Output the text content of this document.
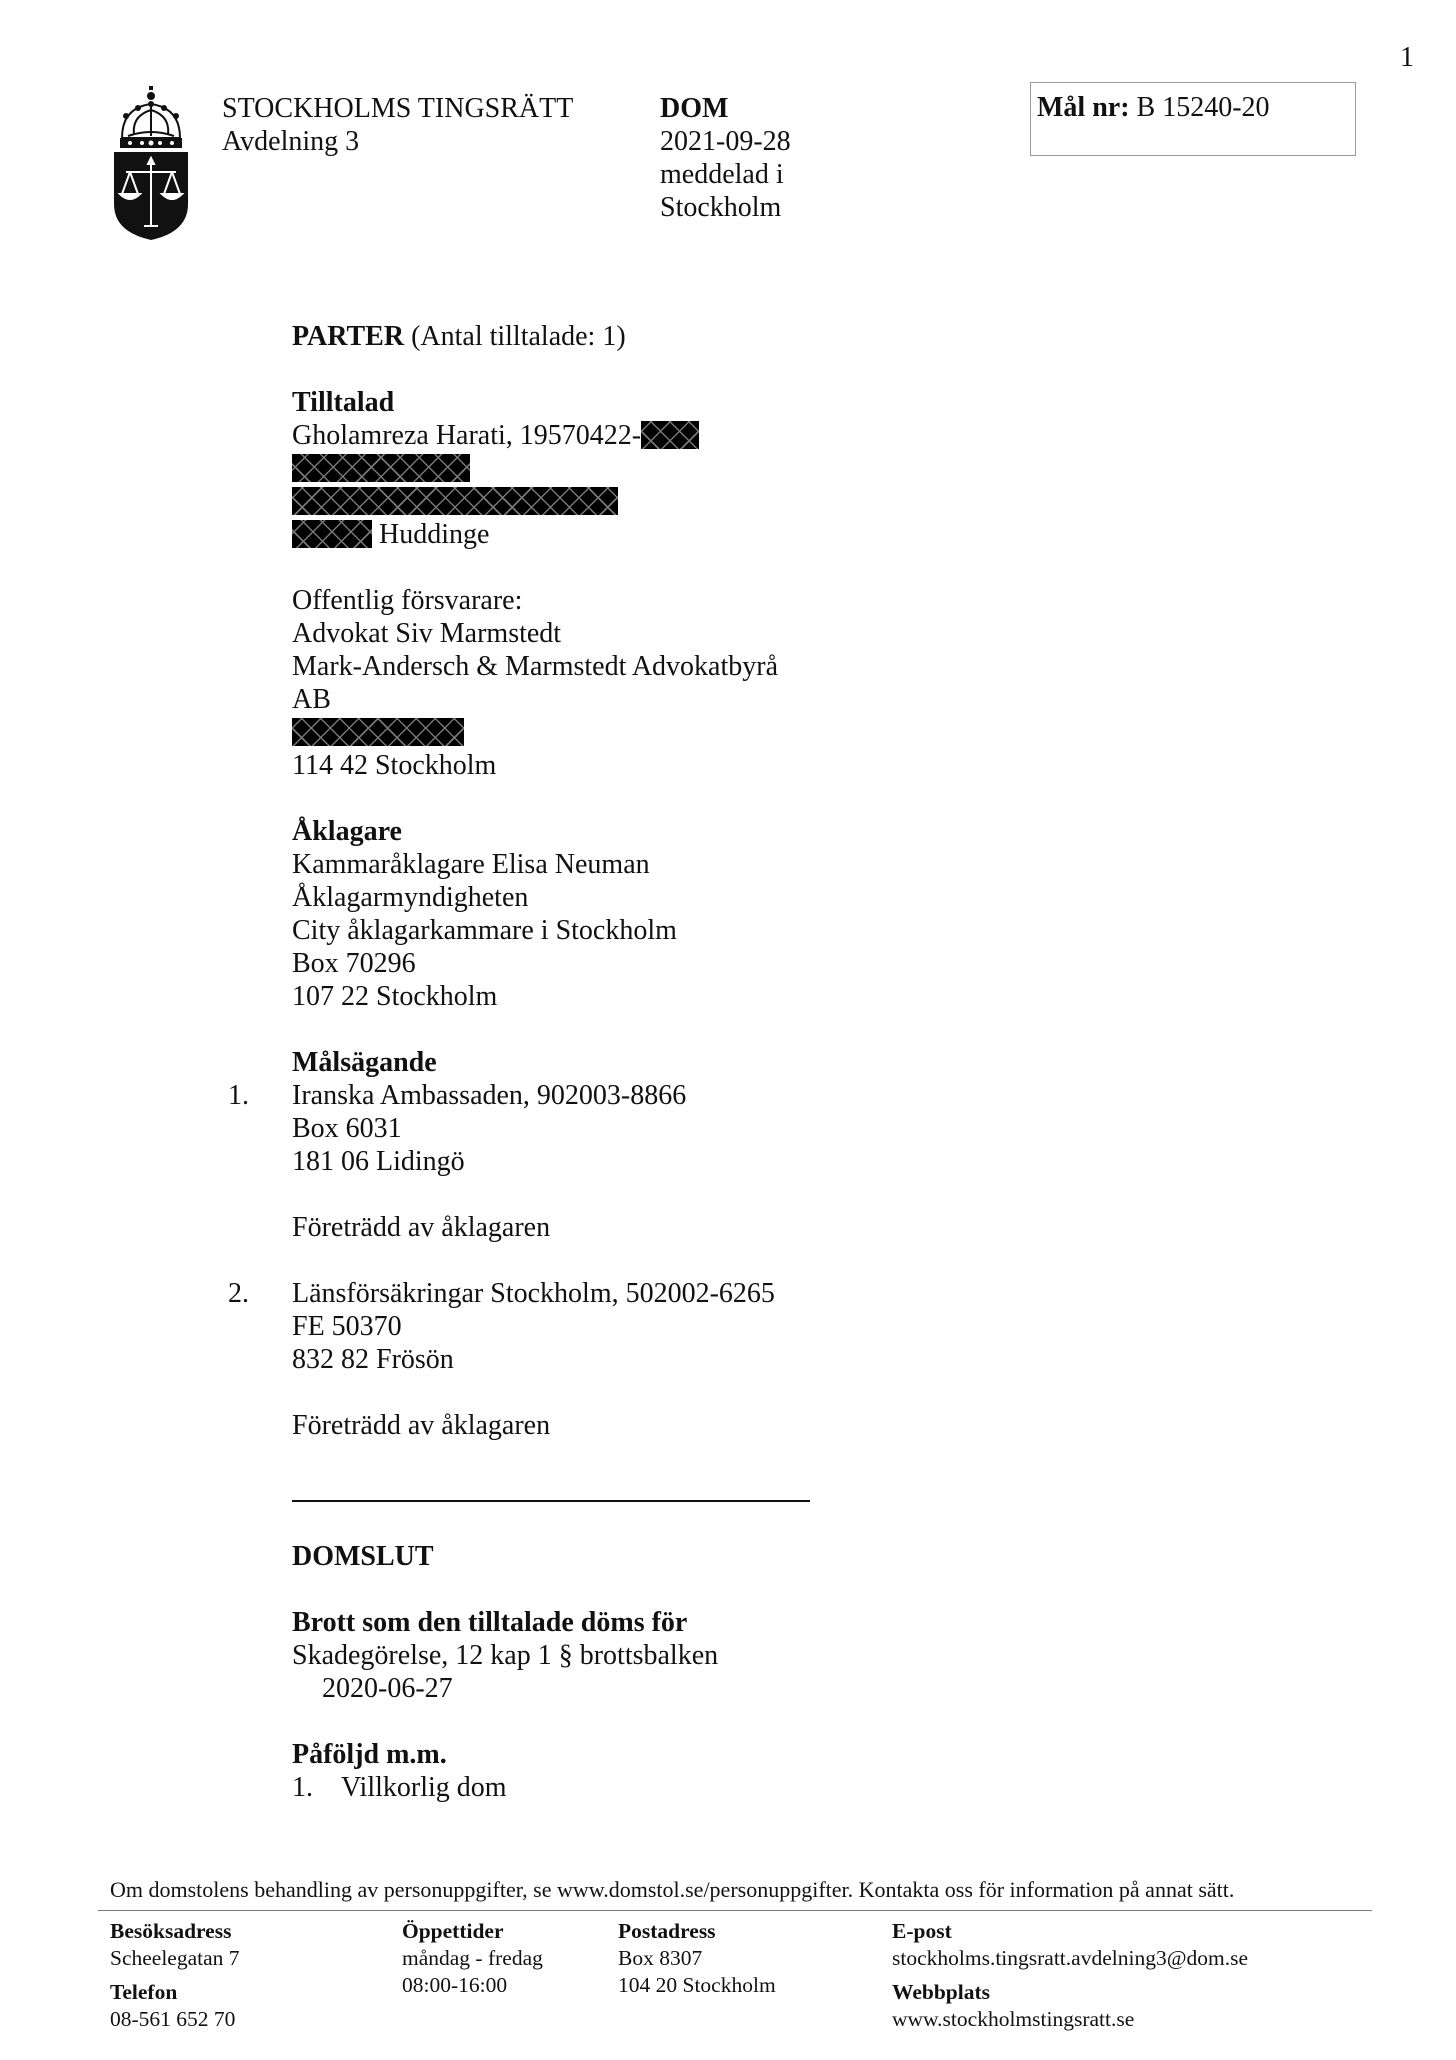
1
STOCKHOLMS TINGSRÄTT
Avdelning 3
DOM
2021-09-28
meddelad i
Stockholm
Mål nr: B 15240-20
PARTER (Antal tilltalade: 1)
Tilltalad
Gholamreza Harati, 19570422-
Huddinge
Offentlig försvarare:
Advokat Siv Marmstedt
Mark-Andersch & Marmstedt Advokatbyrå
AB
114 42 Stockholm
Åklagare
Kammaråklagare Elisa Neuman
Åklagarmyndigheten
City åklagarkammare i Stockholm
Box 70296
107 22 Stockholm
Målsägande
1. Iranska Ambassaden, 902003-8866
Box 6031
181 06 Lidingö
Företrädd av åklagaren
2. Länsförsäkringar Stockholm, 502002-6265
FE 50370
832 82 Frösön
Företrädd av åklagaren
DOMSLUT
Brott som den tilltalade döms för
Skadegörelse, 12 kap 1 § brottsbalken
2020-06-27
Påföljd m.m.
1. Villkorlig dom
Om domstolens behandling av personuppgifter, se www.domstol.se/personuppgifter. Kontakta oss för information på annat sätt.
Besöksadress
Scheelegatan 7
Telefon
08-561 652 70
Öppettider
måndag - fredag
08:00-16:00
Postadress
Box 8307
104 20 Stockholm
E-post
stockholms.tingsratt.avdelning3@dom.se
Webbplats
www.stockholmstingsratt.se
